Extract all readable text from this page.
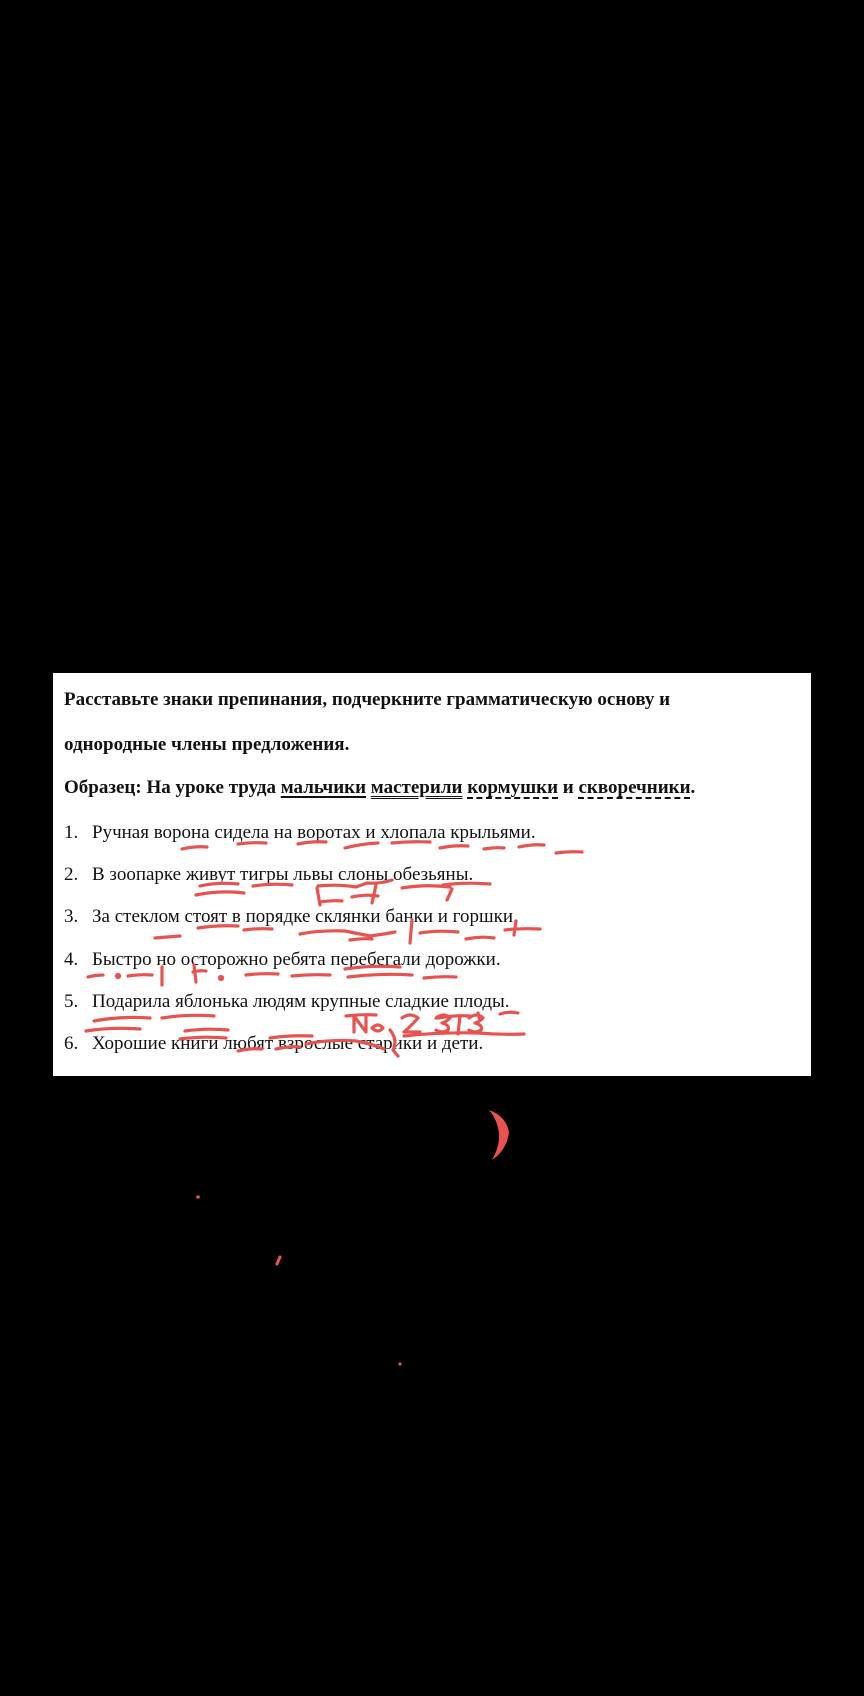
Расставьте знаки препинания, подчеркните грамматическую основу и
однородные члены предложения.
Образец: На уроке труда мальчики мастерили кормушки и скворечники.
1. Ручная ворона сидела на воротах и хлопала крыльями.
2. В зоопарке живут тигры львы слоны обезьяны.
3. За стеклом стоят в порядке склянки банки и горшки.
4. Быстро но осторожно ребята перебегали дорожки.
5. Подарила яблонька людям крупные сладкие плоды.
6. Хорошие книги любят взрослые старики и дети.
